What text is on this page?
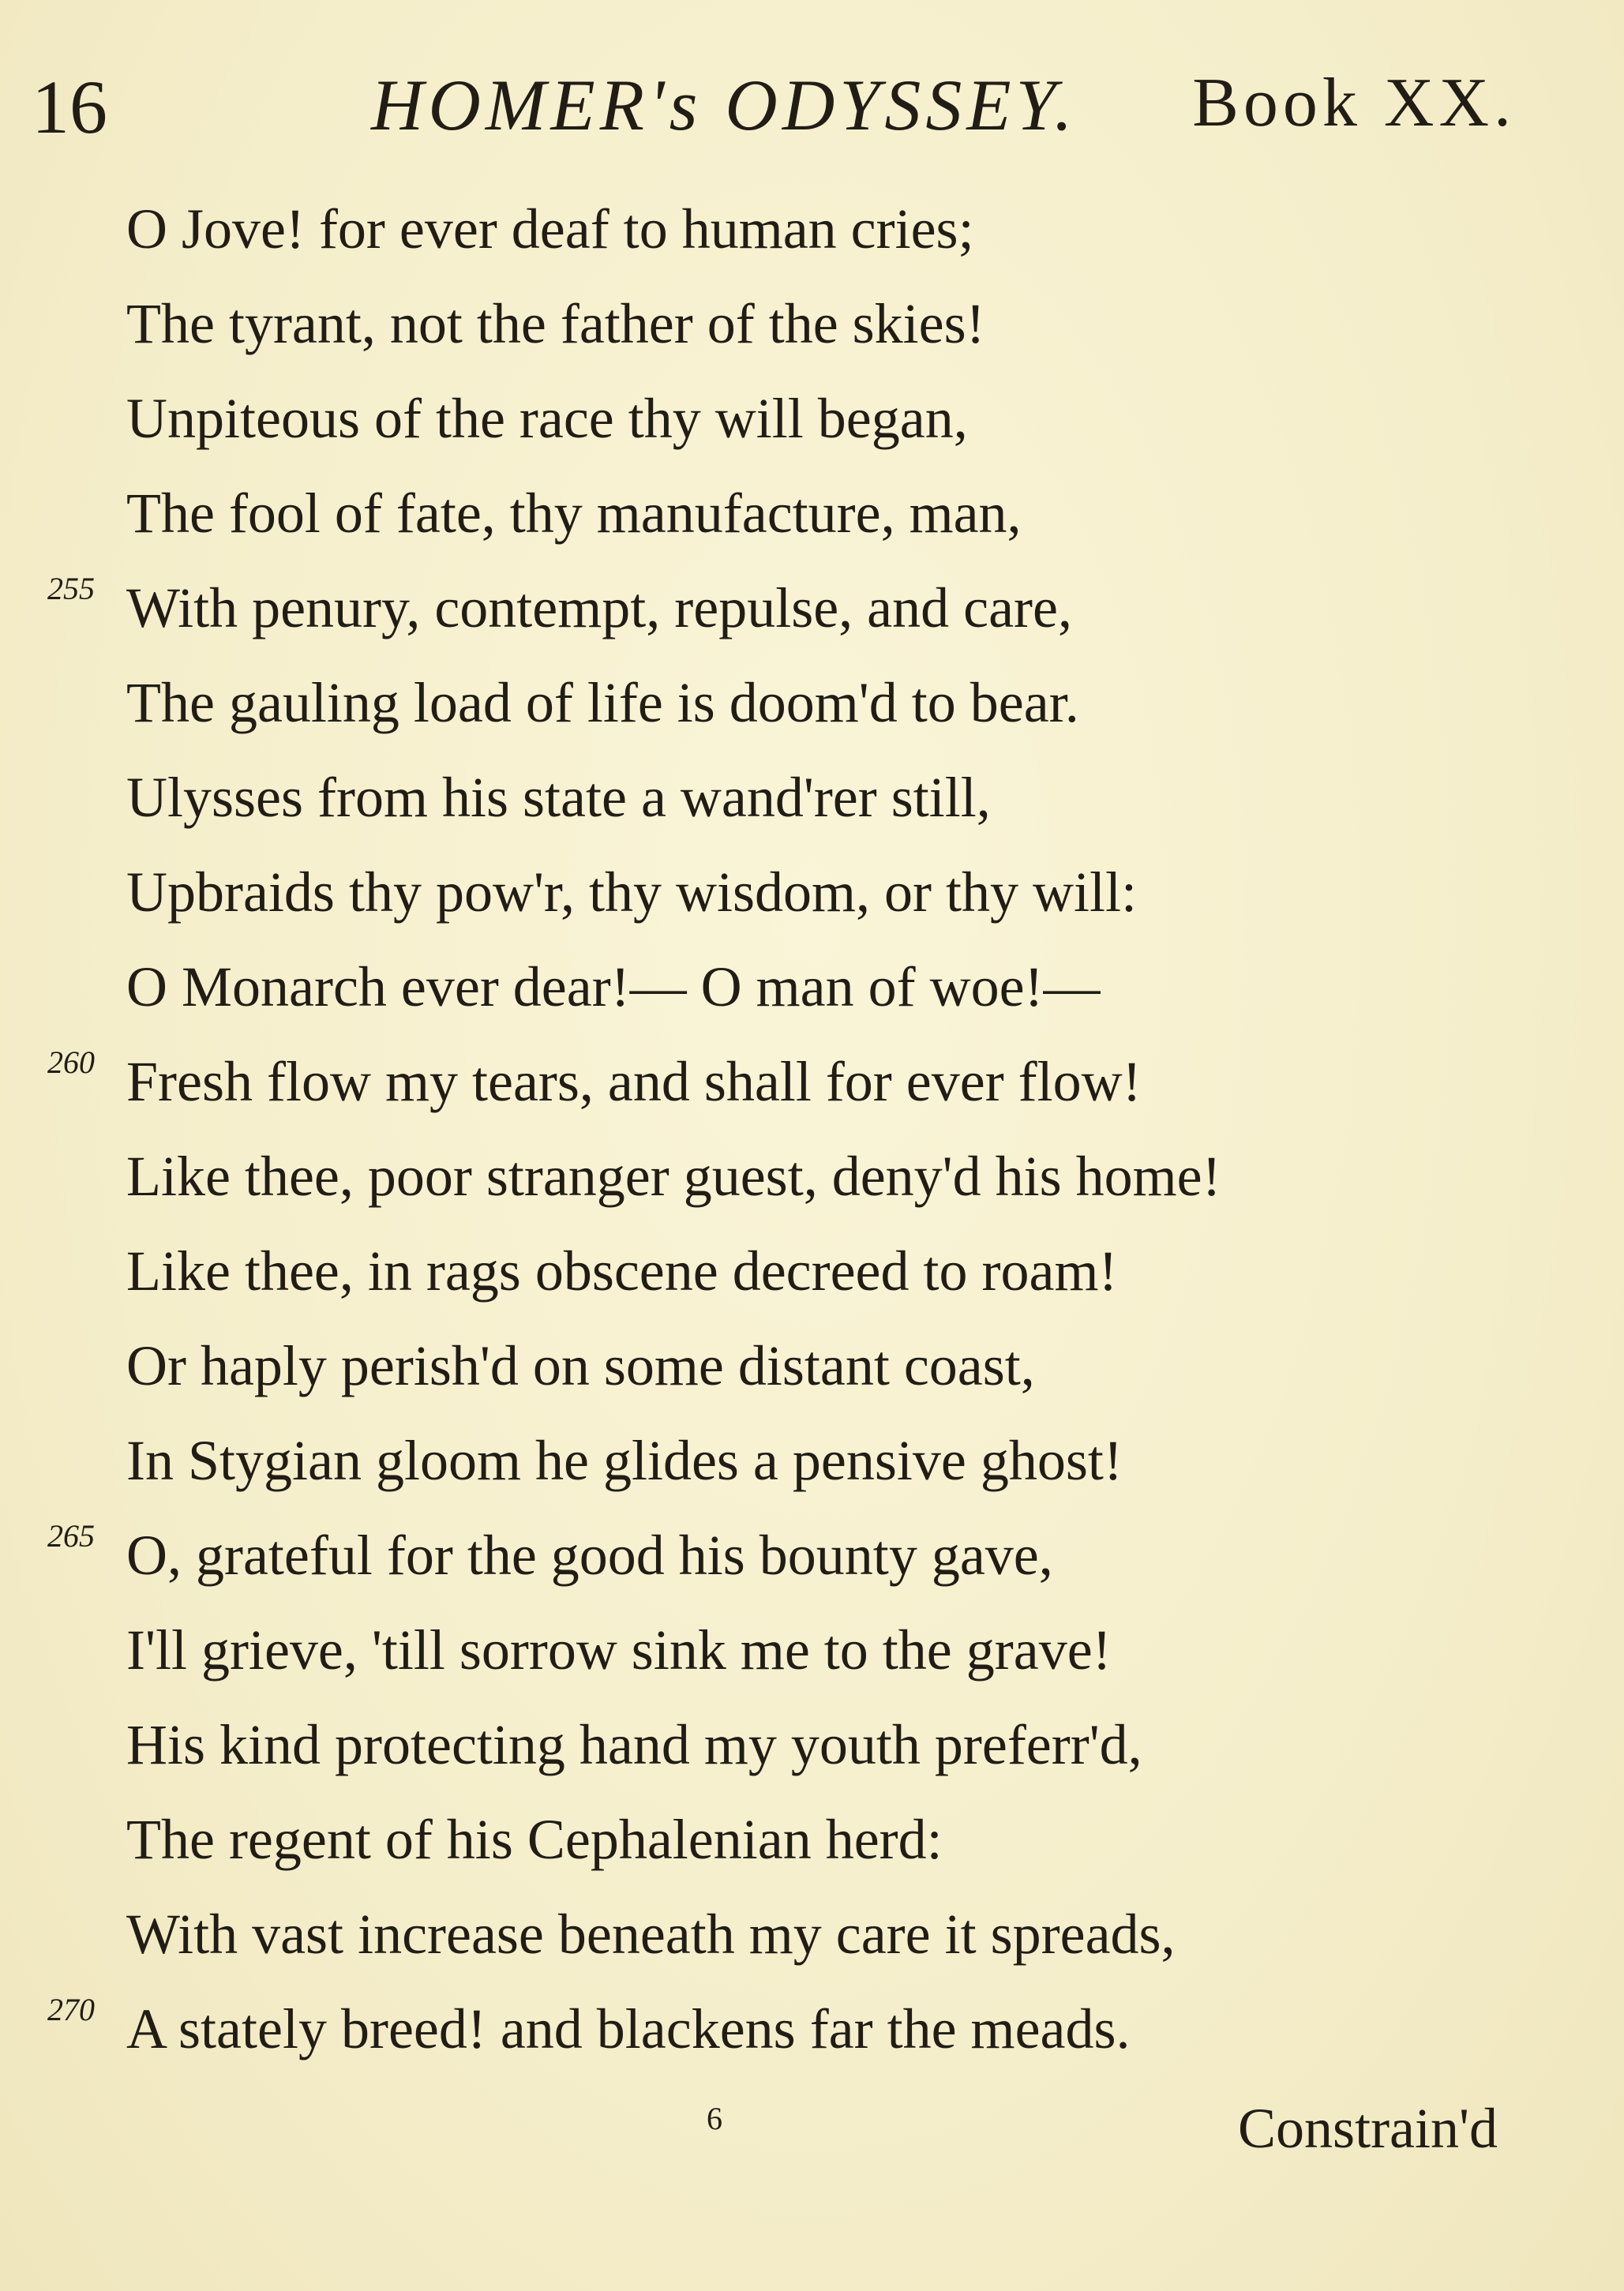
16	HOMER's ODYSSEY. Book XX.
O Jove! for ever deaf to human cries;
The tyrant, not the father of the skies!
Unpiteous of the race thy will began,
The fool of fate, thy manufacture, man,
255 With penury, contempt, repulse, and care,
The gauling load of life is doom'd to bear.
Ulysses from his state a wand'rer still,
Upbraids thy pow'r, thy wisdom, or thy will:
O Monarch ever dear!— O man of woe!—
260 Fresh flow my tears, and shall for ever flow!
Like thee, poor stranger guest, deny'd his home!
Like thee, in rags obscene decreed to roam!
Or haply perish'd on some distant coast,
In Stygian gloom he glides a pensive ghost!
265 O, grateful for the good his bounty gave,
I'll grieve, 'till sorrow sink me to the grave!
His kind protecting hand my youth preferr'd,
The regent of his Cephalenian herd:
With vast increase beneath my care it spreads,
270 A stately breed! and blackens far the meads.
6	Constrain'd
